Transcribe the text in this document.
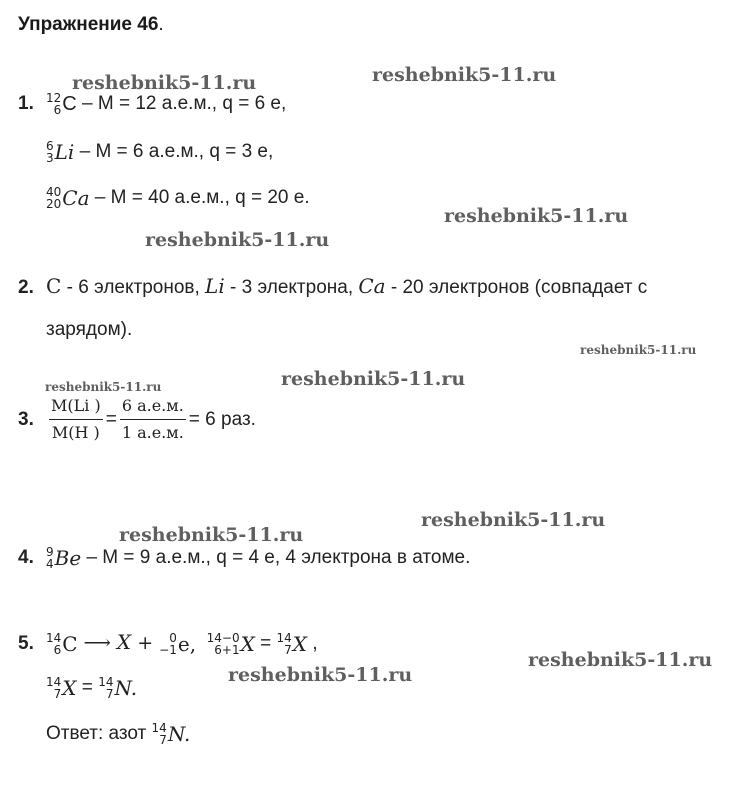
Упражнение 46.
1. 12
6 C – M = 12 а.е.м., q = 6 e,
6
3 Li – M = 6 а.е.м., q = 3 e,
40
20 Ca – M = 40 а.е.м., q = 20 e.
2. C - 6 электронов, Li - 3 электрона, Ca - 20 электронов (совпадает с
зарядом).
3. $\frac{M(Li )}{M(H )} = \frac{6 а.е.м.}{1 а.е.м.} = 6$ раз.
4. 9
4 Be – M = 9 а.е.м., q = 4 e, 4 электрона в атоме.
5. 14
6 C ⟶ X + 0
−1 e,
14−0
6+1 X = 14
7 X ,
14
7 X = 14
7 N.
Ответ: азот 14
7 N.
reshebnik5-11.ru	reshebnik5-11.ru
reshebnik5-11.ru
reshebnik5-11.ru
reshebnik5-11.ru
reshebnik5-11.ru
reshebnik5-11.ru
reshebnik5-11.ru
reshebnik5-11.ru
reshebnik5-11.ru
reshebnik5-11.ru
